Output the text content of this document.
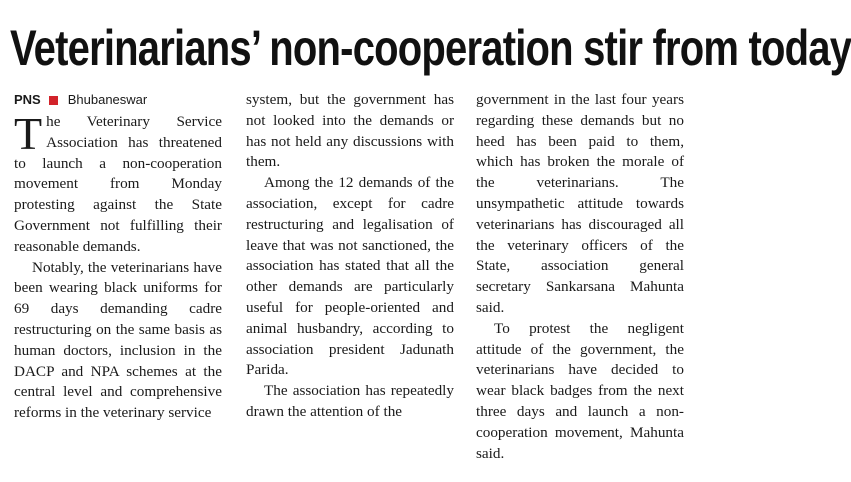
Veterinarians’ non-cooperation stir from today
PNS Bhubaneswar

The Veterinary Service Association has threatened to launch a non-cooperation movement from Monday protesting against the State Government not fulfilling their reasonable demands.

Notably, the veterinarians have been wearing black uniforms for 69 days demanding cadre restructuring on the same basis as human doctors, inclusion in the DACP and NPA schemes at the central level and comprehensive reforms in the veterinary service

system, but the government has not looked into the demands or has not held any discussions with them.

Among the 12 demands of the association, except for cadre restructuring and legalisation of leave that was not sanctioned, the association has stated that all the other demands are particularly useful for people-oriented and animal husbandry, according to association president Jadunath Parida.

The association has repeatedly drawn the attention of the

government in the last four years regarding these demands but no heed has been paid to them, which has broken the morale of the veterinarians. The unsympathetic attitude towards veterinarians has discouraged all the veterinary officers of the State, association general secretary Sankarsana Mahunta said.

To protest the negligent attitude of the government, the veterinarians have decided to wear black badges from the next three days and launch a non-cooperation movement, Mahunta said.
